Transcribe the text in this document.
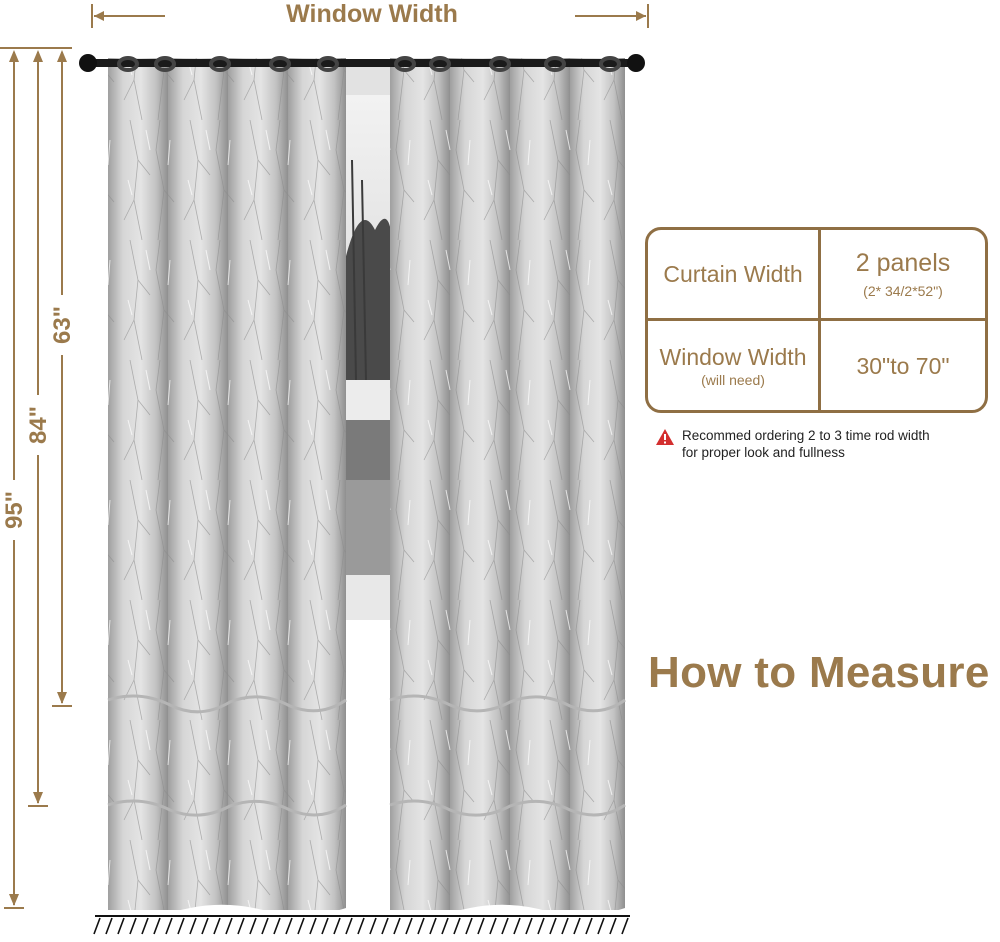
Window Width
95"
84"
63"
Curtain Width 2 panels
(2* 34/2*52")
Window Width
(will need)
30"to 70"
Recommed ordering 2 to 3 time rod width
for proper look and fullness
How to Measure
